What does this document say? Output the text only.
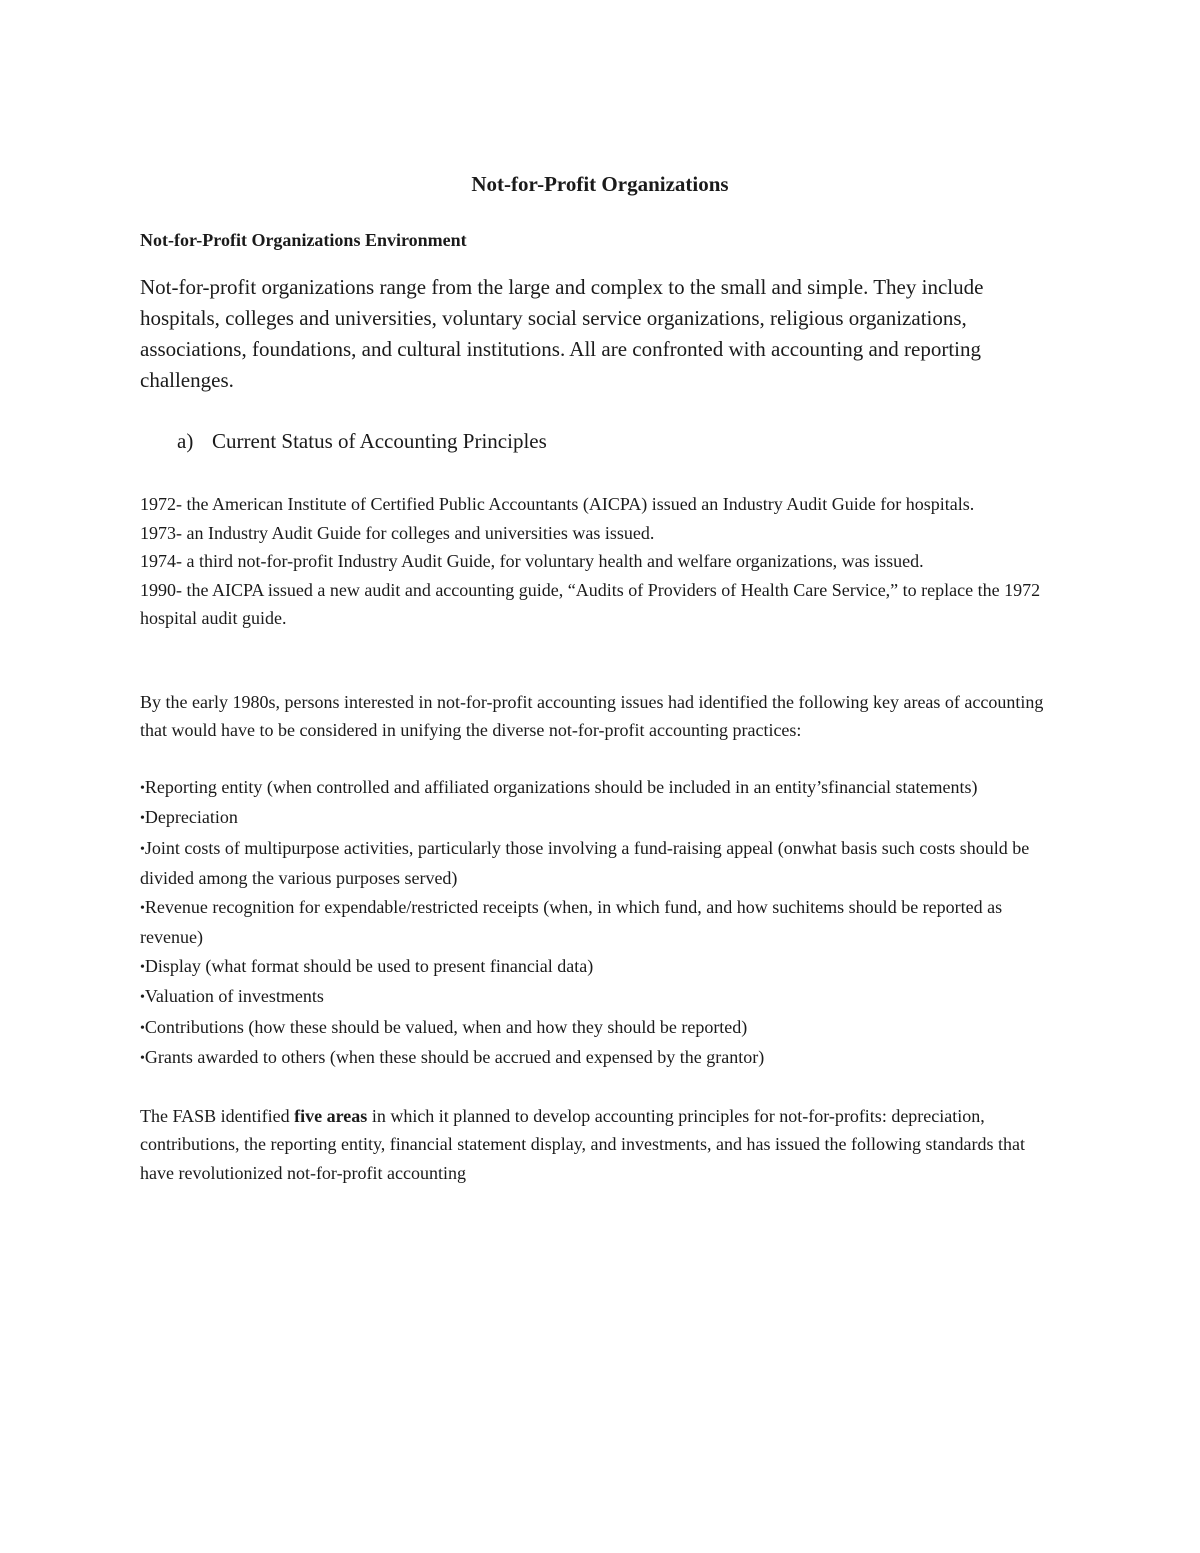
Not-for-Profit Organizations
Not-for-Profit Organizations Environment
Not-for-profit organizations range from the large and complex to the small and simple. They include hospitals, colleges and universities, voluntary social service organizations, religious organizations, associations, foundations, and cultural institutions. All are confronted with accounting and reporting challenges.
a) Current Status of Accounting Principles
1972- the American Institute of Certified Public Accountants (AICPA) issued an Industry Audit Guide for hospitals.
1973- an Industry Audit Guide for colleges and universities was issued.
1974- a third not-for-profit Industry Audit Guide, for voluntary health and welfare organizations, was issued.
1990- the AICPA issued a new audit and accounting guide, “Audits of Providers of Health Care Service,” to replace the 1972 hospital audit guide.
By the early 1980s, persons interested in not-for-profit accounting issues had identified the following key areas of accounting that would have to be considered in unifying the diverse not-for-profit accounting practices:
•Reporting entity (when controlled and affiliated organizations should be included in an entity’sfinancial statements)
•Depreciation
•Joint costs of multipurpose activities, particularly those involving a fund-raising appeal (onwhat basis such costs should be divided among the various purposes served)
•Revenue recognition for expendable/restricted receipts (when, in which fund, and how suchitems should be reported as revenue)
•Display (what format should be used to present financial data)
•Valuation of investments
•Contributions (how these should be valued, when and how they should be reported)
•Grants awarded to others (when these should be accrued and expensed by the grantor)
The FASB identified five areas in which it planned to develop accounting principles for not-for-profits: depreciation, contributions, the reporting entity, financial statement display, and investments, and has issued the following standards that have revolutionized not-for-profit accounting
